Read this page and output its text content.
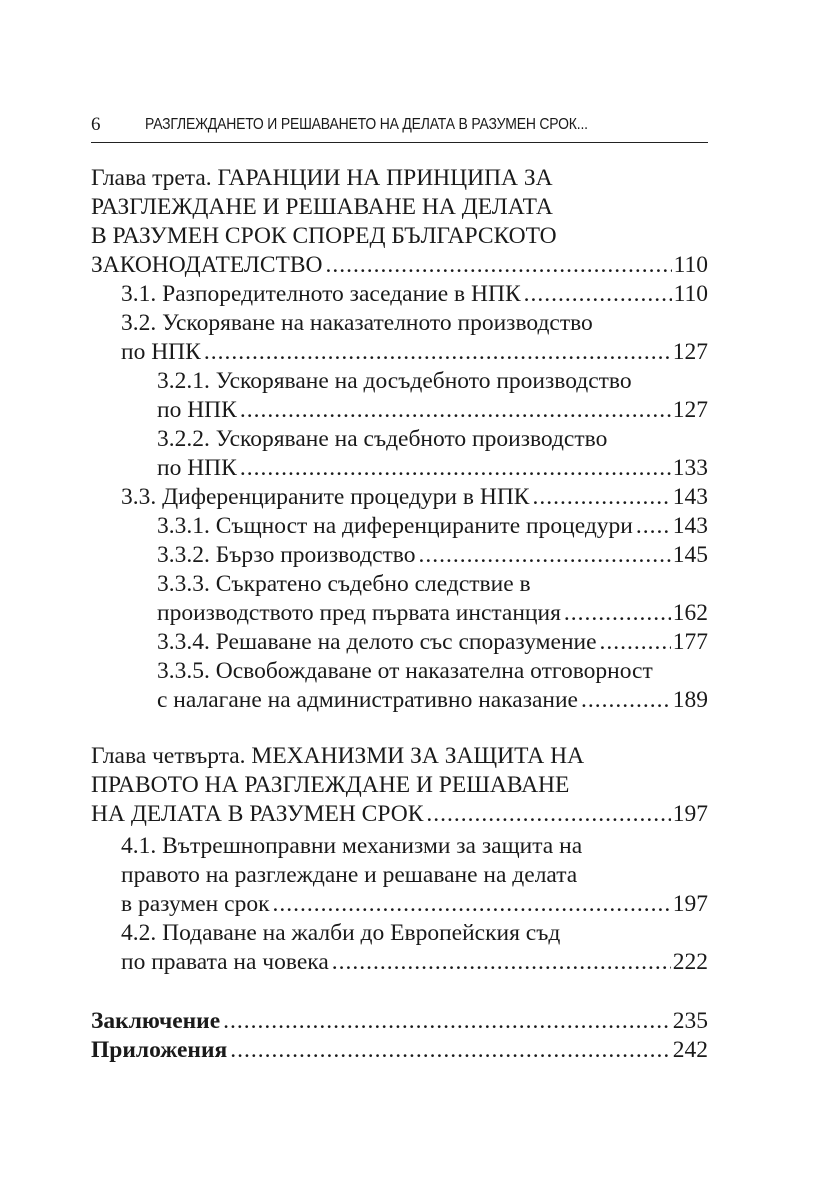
6	РАЗГЛЕЖДАНЕТО И РЕШАВАНЕТО НА ДЕЛАТА В РАЗУМЕН СРОК...
Глава трета. ГАРАНЦИИ НА ПРИНЦИПА ЗА
РАЗГЛЕЖДАНЕ И РЕШАВАНЕ НА ДЕЛАТА
В РАЗУМЕН СРОК СПОРЕД БЪЛГАРСКОТО
ЗАКОНОДАТЕЛСТВО .....	110
3.1. Разпоредителното заседание в НПК .....	110
3.2. Ускоряване на наказателното производство
по НПК .....	127
3.2.1. Ускоряване на досъдебното производство
по НПК .....	127
3.2.2. Ускоряване на съдебното производство
по НПК .....	133
3.3. Диференцираните процедури в НПК .....	143
3.3.1. Същност на диференцираните процедури ..... 143
3.3.2. Бързо производство .....	145
3.3.3. Съкратено съдебно следствие в
производството пред първата инстанция .....	162
3.3.4. Решаване на делото със споразумение .....	177
3.3.5. Освобождаване от наказателна отговорност
с налагане на административно наказание .....	189
Глава четвърта. МЕХАНИЗМИ ЗА ЗАЩИТА НА
ПРАВОТО НА РАЗГЛЕЖДАНЕ И РЕШАВАНЕ
НА ДЕЛАТА В РАЗУМЕН СРОК .....	197
4.1. Вътрешноправни механизми за защита на
правото на разглеждане и решаване на делата
в разумен срок .....	197
4.2. Подаване на жалби до Европейския съд
по правата на човека .....	222
Заключение .....	235
Приложения .....	242
